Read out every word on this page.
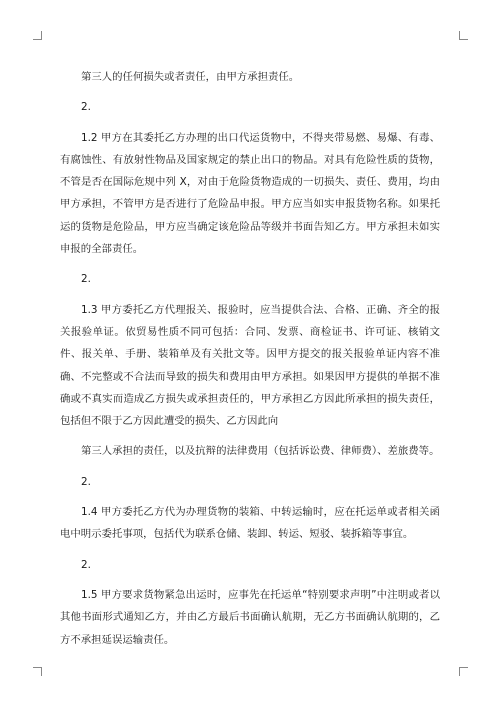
第三人的任何损失或者责任，由甲方承担责任。

2.

1.2 甲方在其委托乙方办理的出口代运货物中，不得夹带易燃、易爆、有毒、有腐蚀性、有放射性物品及国家规定的禁止出口的物品。对具有危险性质的货物，不管是否在国际危规中列 X，对由于危险货物造成的一切损失、责任、费用，均由甲方承担，不管甲方是否进行了危险品申报。甲方应当如实申报货物名称。如果托运的货物是危险品，甲方应当确定该危险品等级并书面告知乙方。甲方承担未如实申报的全部责任。

2.

1.3 甲方委托乙方代理报关、报验时，应当提供合法、合格、正确、齐全的报关报验单证。依贸易性质不同可包括：合同、发票、商检证书、许可证、核销文件、报关单、手册、装箱单及有关批文等。因甲方提交的报关报验单证内容不准确、不完整或不合法而导致的损失和费用由甲方承担。如果因甲方提供的单据不准确或不真实而造成乙方损失或承担责任的，甲方承担乙方因此所承担的损失责任，包括但不限于乙方因此遭受的损失、乙方因此向

第三人承担的责任，以及抗辩的法律费用（包括诉讼费、律师费）、差旅费等。

2.

1.4 甲方委托乙方代为办理货物的装箱、中转运输时，应在托运单或者相关函电中明示委托事项，包括代为联系仓储、装卸、转运、短驳、装拆箱等事宜。

2.

1.5 甲方要求货物紧急出运时，应事先在托运单“特别要求声明”中注明或者以其他书面形式通知乙方，并由乙方最后书面确认航期，无乙方书面确认航期的，乙方不承担延误运输责任。
